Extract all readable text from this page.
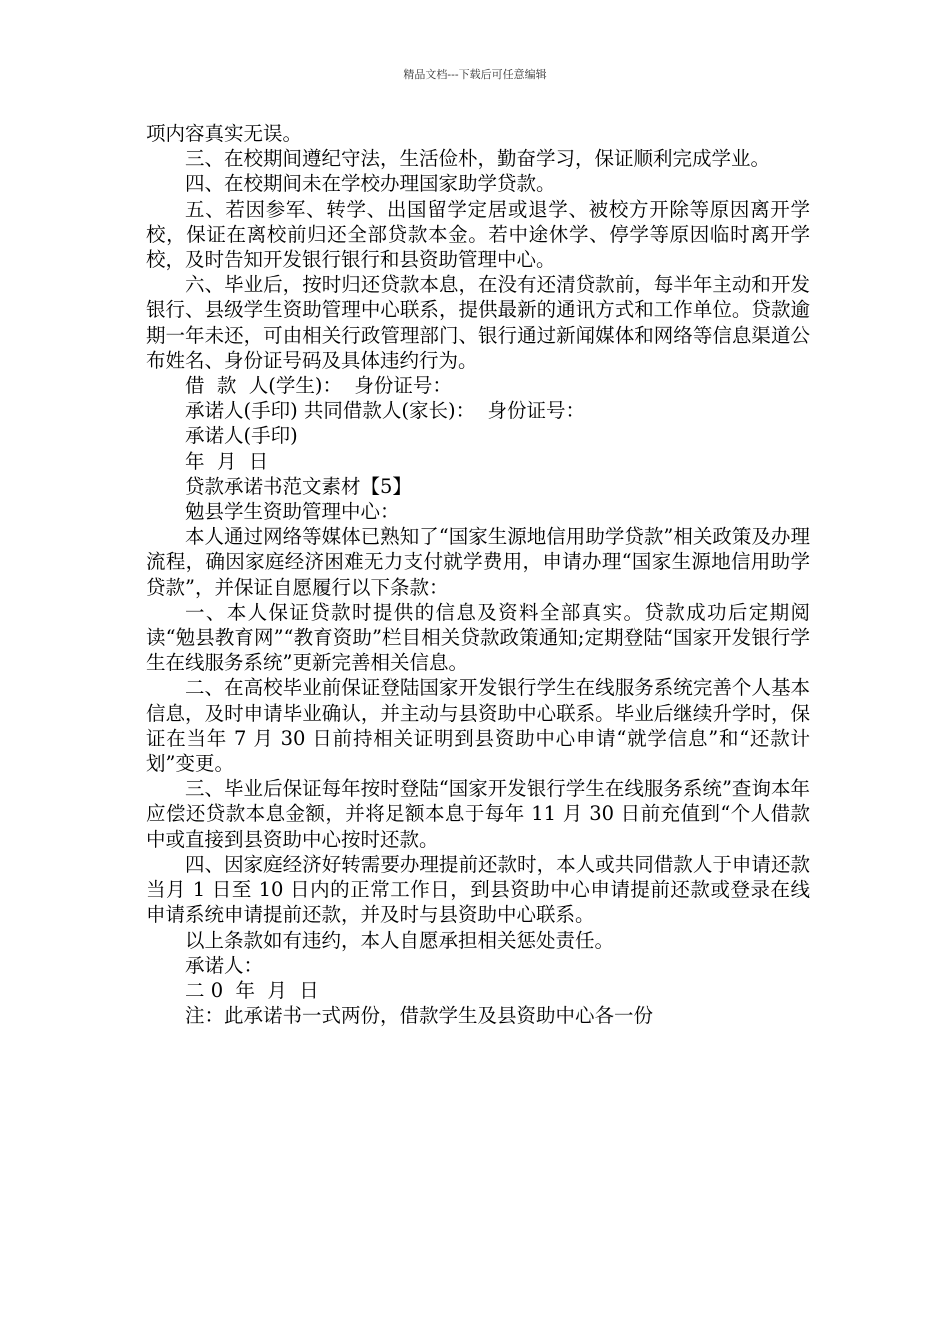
精品文档---下载后可任意编辑

项内容真实无误。

三、在校期间遵纪守法，生活俭朴，勤奋学习，保证顺利完成学业。

四、在校期间未在学校办理国家助学贷款。

五、若因参军、转学、出国留学定居或退学、被校方开除等原因离开学校，保证在离校前归还全部贷款本金。若中途休学、停学等原因临时离开学校，及时告知开发银行银行和县资助管理中心。

六、毕业后，按时归还贷款本息，在没有还清贷款前，每半年主动和开发银行、县级学生资助管理中心联系，提供最新的通讯方式和工作单位。贷款逾期一年未还，可由相关行政管理部门、银行通过新闻媒体和网络等信息渠道公布姓名、身份证号码及具体违约行为。

借  款  人(学生)：  身份证号：

承诺人(手印) 共同借款人(家长)：  身份证号：

承诺人(手印)

年  月  日

贷款承诺书范文素材【5】

勉县学生资助管理中心：

本人通过网络等媒体已熟知了“国家生源地信用助学贷款”相关政策及办理流程，确因家庭经济困难无力支付就学费用，申请办理“国家生源地信用助学贷款”，并保证自愿履行以下条款：

一、本人保证贷款时提供的信息及资料全部真实。贷款成功后定期阅读“勉县教育网”“教育资助”栏目相关贷款政策通知;定期登陆“国家开发银行学生在线服务系统”更新完善相关信息。

二、在高校毕业前保证登陆国家开发银行学生在线服务系统完善个人基本信息，及时申请毕业确认，并主动与县资助中心联系。毕业后继续升学时，保证在当年 7 月 30 日前持相关证明到县资助中心申请“就学信息”和“还款计划”变更。

三、毕业后保证每年按时登陆“国家开发银行学生在线服务系统”查询本年应偿还贷款本息金额，并将足额本息于每年 11 月 30 日前充值到“个人借款中或直接到县资助中心按时还款。

四、因家庭经济好转需要办理提前还款时，本人或共同借款人于申请还款当月 1 日至 10 日内的正常工作日，到县资助中心申请提前还款或登录在线申请系统申请提前还款，并及时与县资助中心联系。

以上条款如有违约，本人自愿承担相关惩处责任。

承诺人：

二 0  年  月  日

注：此承诺书一式两份，借款学生及县资助中心各一份
